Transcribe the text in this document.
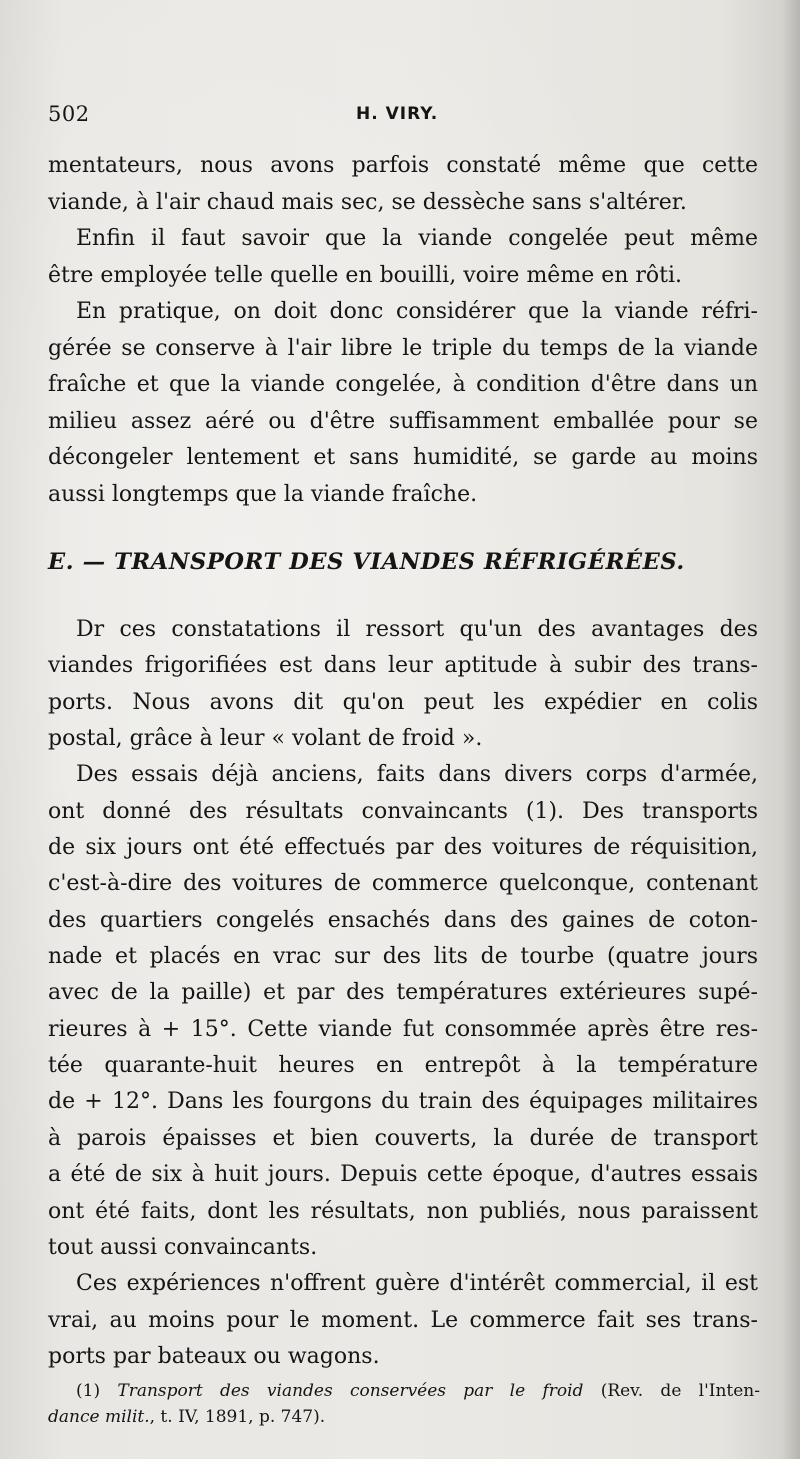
502	H. VIRY.
mentateurs, nous avons parfois constaté même que cette
viande, à l'air chaud mais sec, se dessèche sans s'altérer.
Enfin il faut savoir que la viande congelée peut même
être employée telle quelle en bouilli, voire même en rôti.
En pratique, on doit donc considérer que la viande réfri-
gérée se conserve à l'air libre le triple du temps de la viande
fraîche et que la viande congelée, à condition d'être dans un
milieu assez aéré ou d'être suffisamment emballée pour se
décongeler lentement et sans humidité, se garde au moins
aussi longtemps que la viande fraîche.
E. — TRANSPORT DES VIANDES RÉFRIGÉRÉES.
Dr ces constatations il ressort qu'un des avantages des
viandes frigorifiées est dans leur aptitude à subir des trans-
ports. Nous avons dit qu'on peut les expédier en colis
postal, grâce à leur « volant de froid ».
Des essais déjà anciens, faits dans divers corps d'armée,
ont donné des résultats convaincants (1). Des transports
de six jours ont été effectués par des voitures de réquisition,
c'est-à-dire des voitures de commerce quelconque, contenant
des quartiers congelés ensachés dans des gaines de coton-
nade et placés en vrac sur des lits de tourbe (quatre jours
avec de la paille) et par des températures extérieures supé-
rieures à + 15°. Cette viande fut consommée après être res-
tée quarante-huit heures en entrepôt à la température
de + 12°. Dans les fourgons du train des équipages militaires
à parois épaisses et bien couverts, la durée de transport
a été de six à huit jours. Depuis cette époque, d'autres essais
ont été faits, dont les résultats, non publiés, nous paraissent
tout aussi convaincants.
Ces expériences n'offrent guère d'intérêt commercial, il est
vrai, au moins pour le moment. Le commerce fait ses trans-
ports par bateaux ou wagons.
(1) Transport des viandes conservées par le froid (Rev. de l'Inten-
dance milit., t. IV, 1891, p. 747).
